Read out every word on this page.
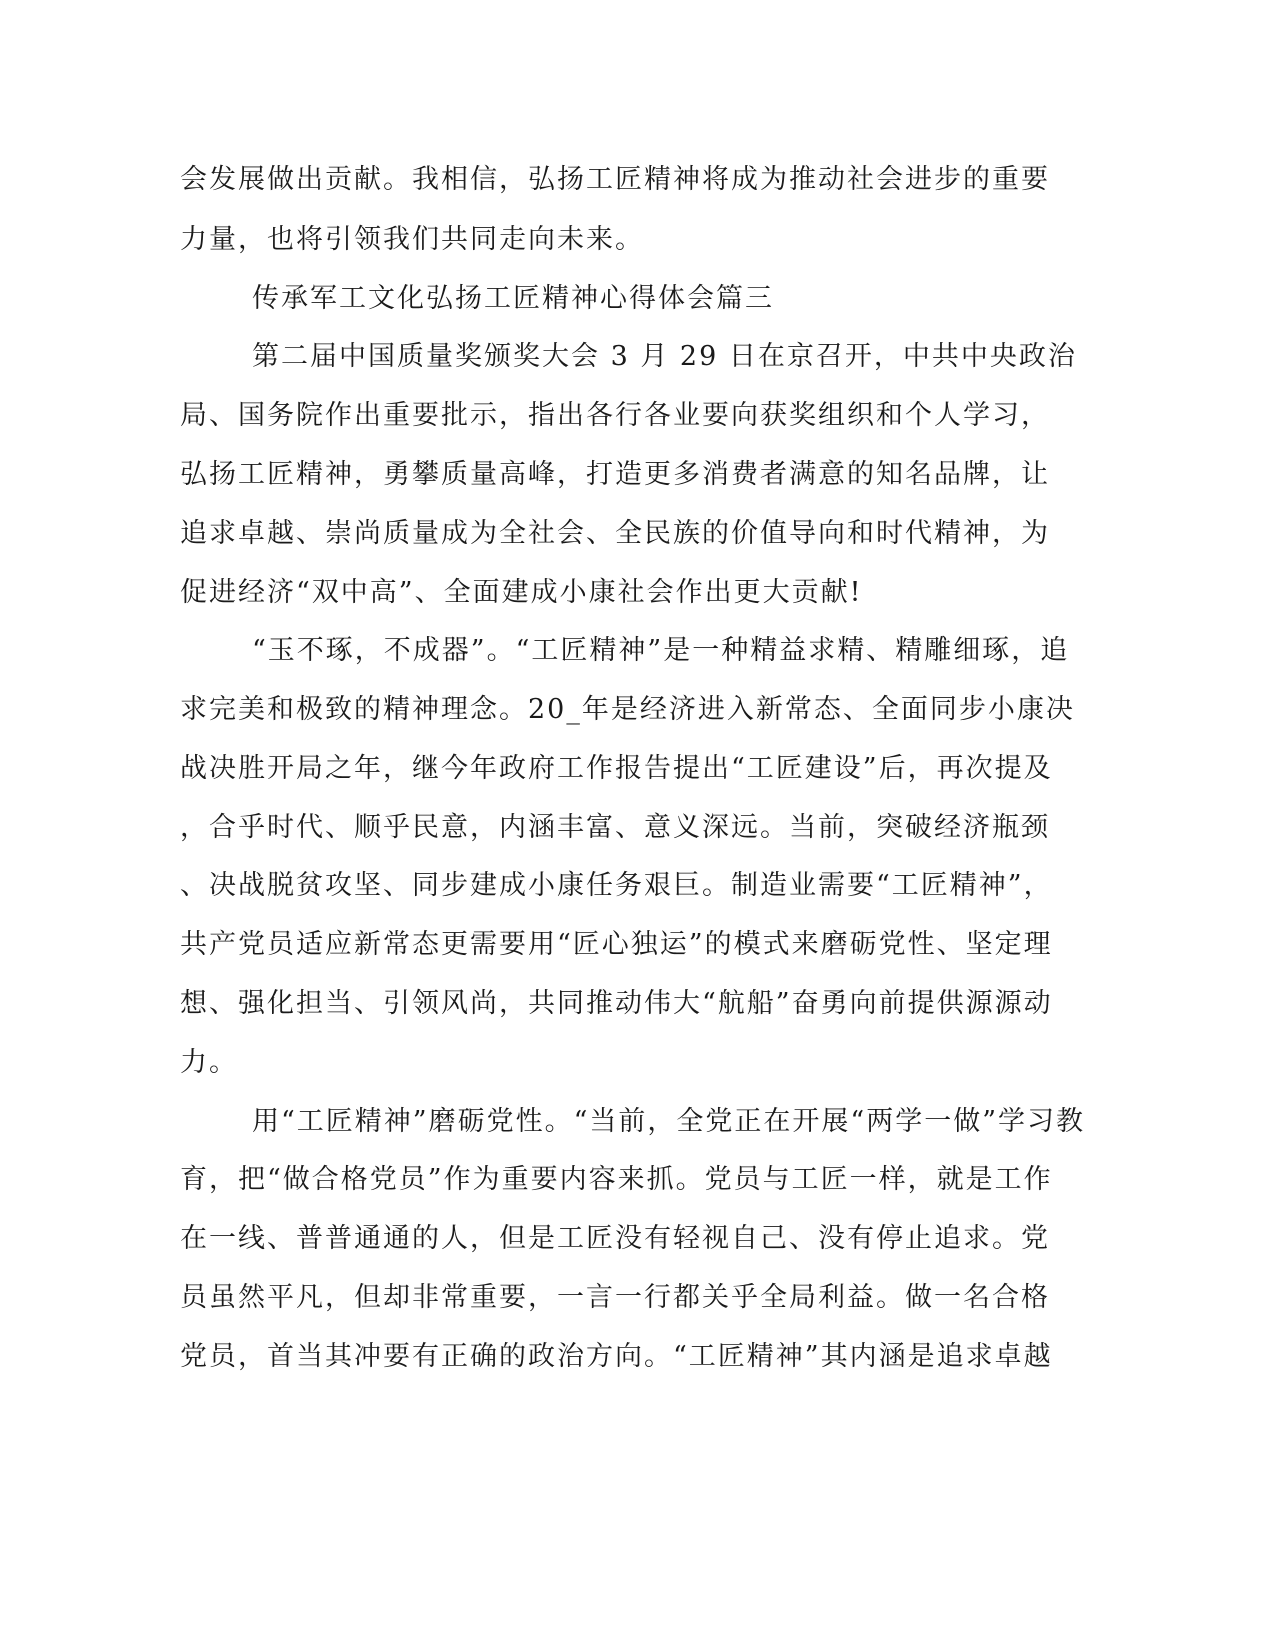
会发展做出贡献。我相信，弘扬工匠精神将成为推动社会进步的重要
力量，也将引领我们共同走向未来。
传承军工文化弘扬工匠精神心得体会篇三
第二届中国质量奖颁奖大会 3 月 29 日在京召开，中共中央政治
局、国务院作出重要批示，指出各行各业要向获奖组织和个人学习，
弘扬工匠精神，勇攀质量高峰，打造更多消费者满意的知名品牌，让
追求卓越、崇尚质量成为全社会、全民族的价值导向和时代精神，为
促进经济“双中高”、全面建成小康社会作出更大贡献!
“玉不琢，不成器”。“工匠精神”是一种精益求精、精雕细琢，追
求完美和极致的精神理念。20_年是经济进入新常态、全面同步小康决
战决胜开局之年，继今年政府工作报告提出“工匠建设”后，再次提及
，合乎时代、顺乎民意，内涵丰富、意义深远。当前，突破经济瓶颈
、决战脱贫攻坚、同步建成小康任务艰巨。制造业需要“工匠精神”，
共产党员适应新常态更需要用“匠心独运”的模式来磨砺党性、坚定理
想、强化担当、引领风尚，共同推动伟大“航船”奋勇向前提供源源动
力。
用“工匠精神”磨砺党性。“当前，全党正在开展“两学一做”学习教
育，把“做合格党员”作为重要内容来抓。党员与工匠一样，就是工作
在一线、普普通通的人，但是工匠没有轻视自己、没有停止追求。党
员虽然平凡，但却非常重要，一言一行都关乎全局利益。做一名合格
党员，首当其冲要有正确的政治方向。“工匠精神”其内涵是追求卓越
